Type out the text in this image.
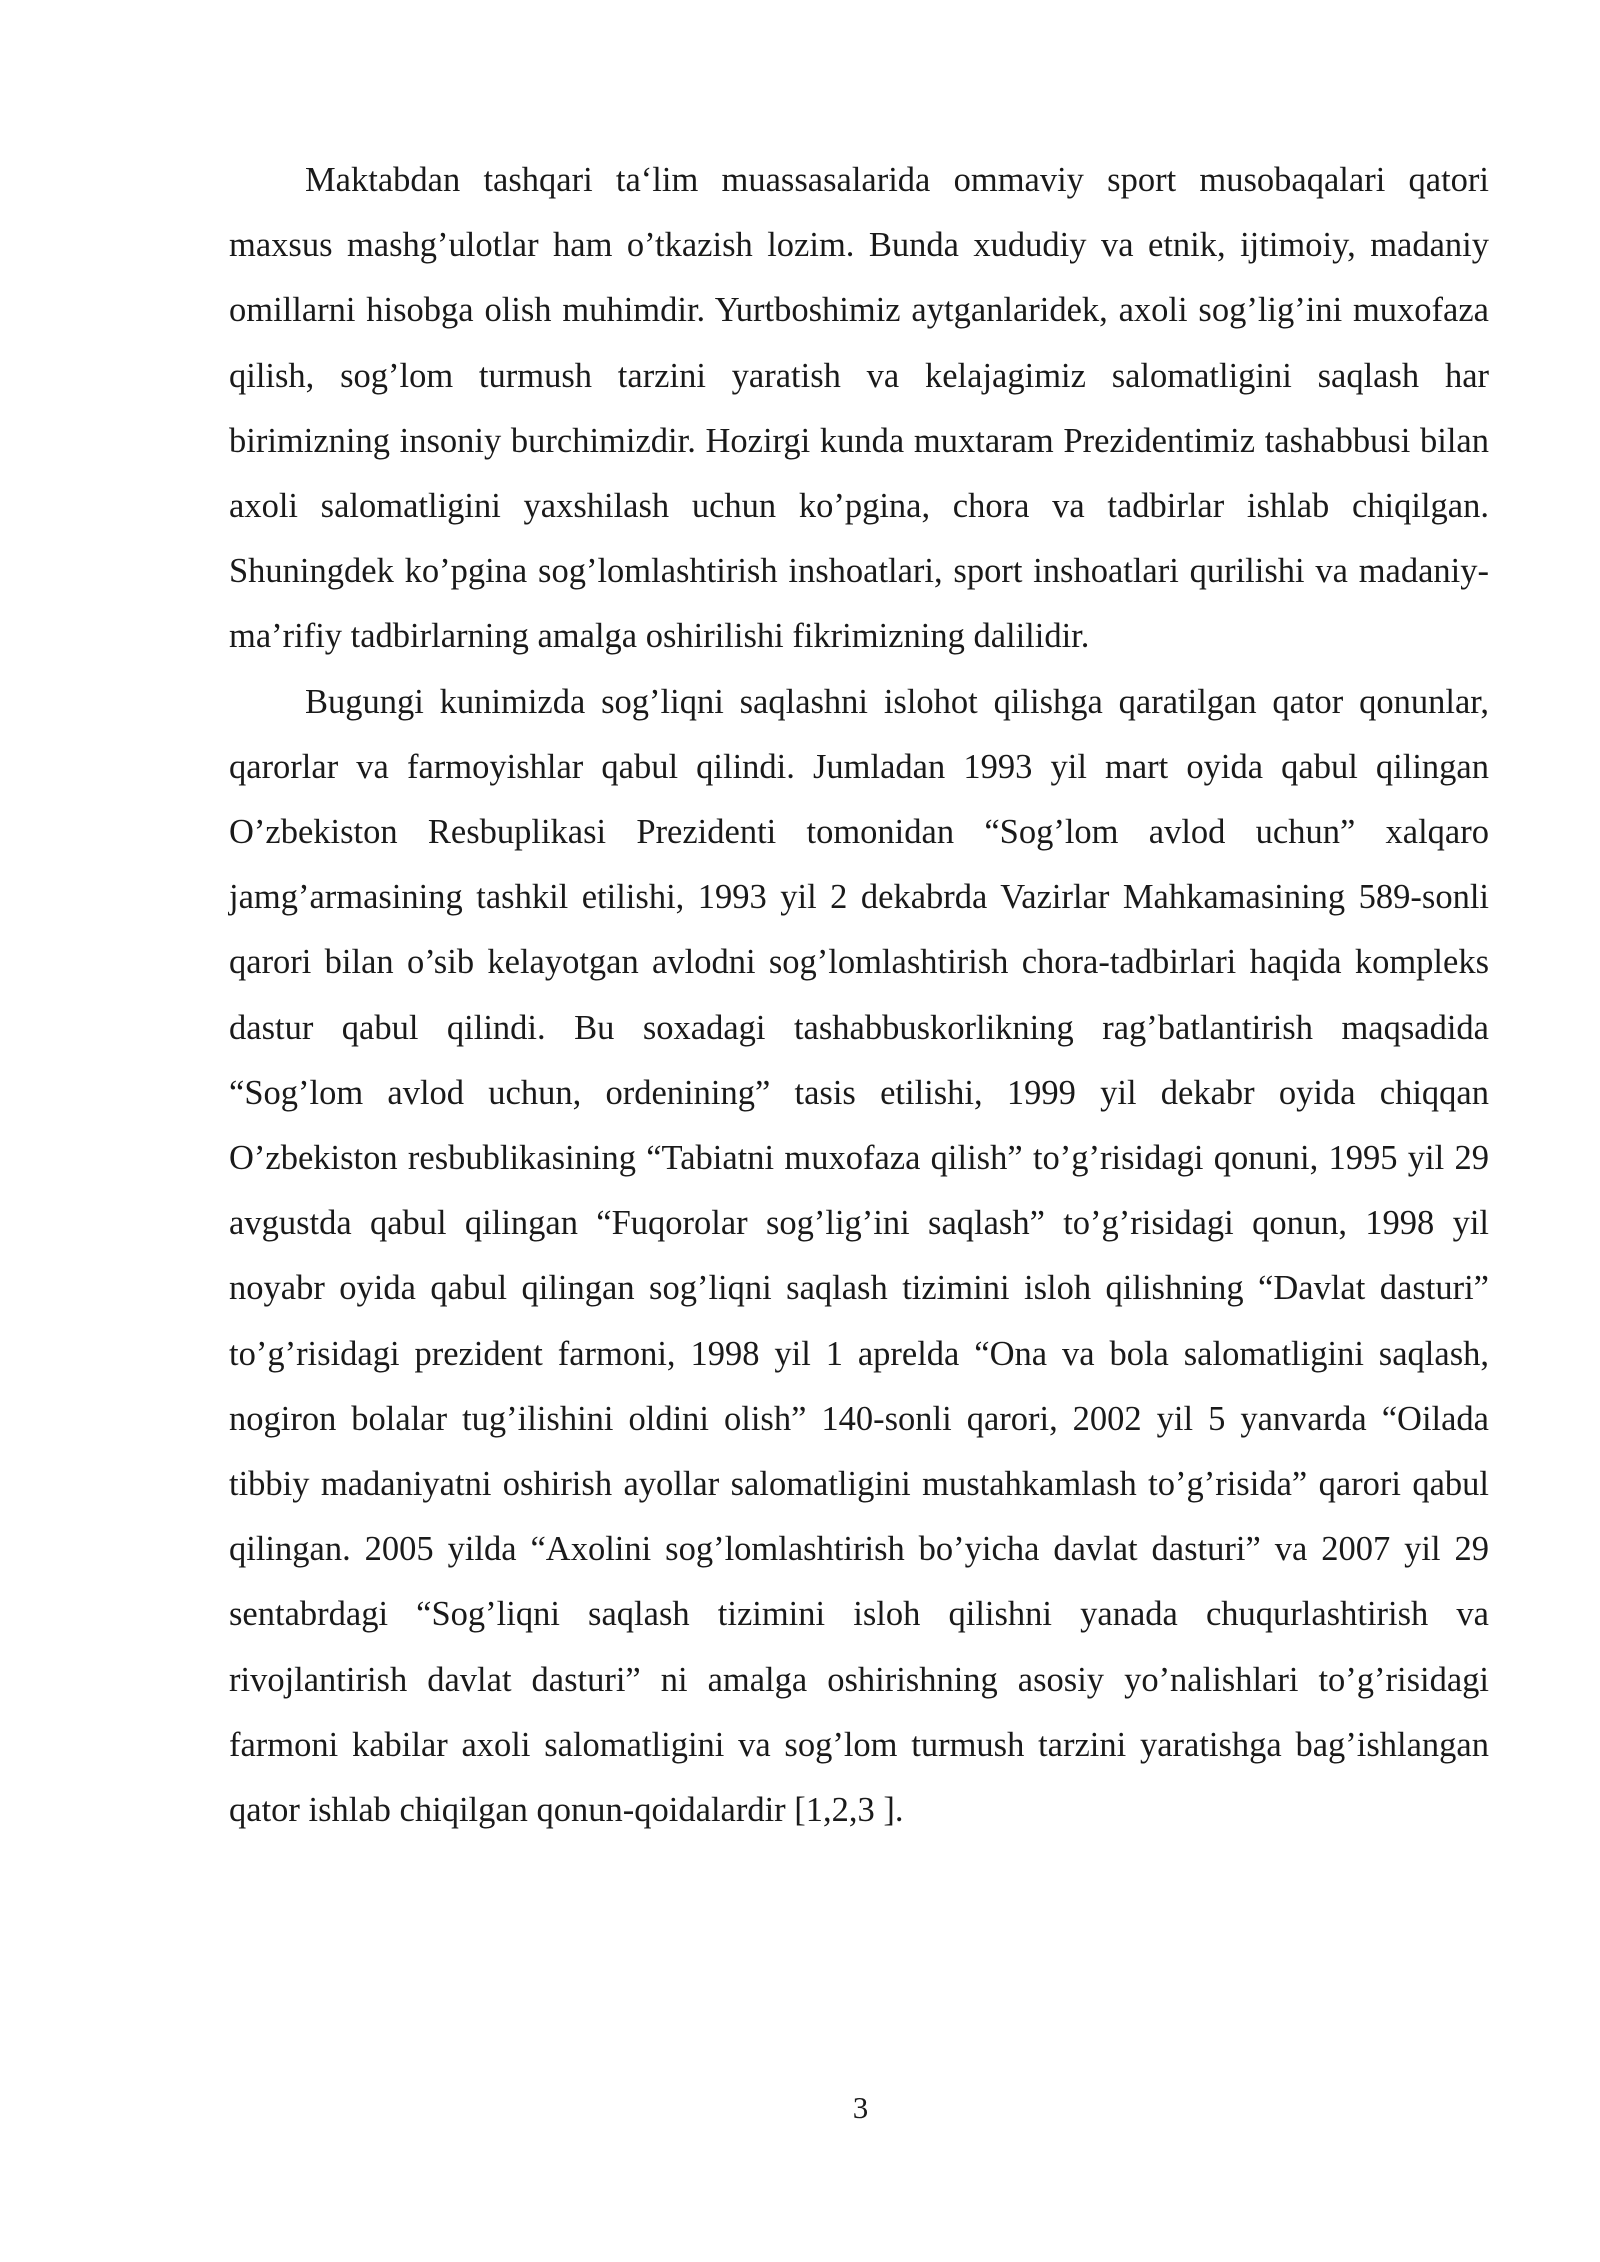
Maktabdan tashqari ta‘lim muassasalarida ommaviy sport musobaqalari qatori maxsus mashg’ulotlar ham o’tkazish lozim. Bunda xududiy va etnik, ijtimoiy, madaniy omillarni hisobga olish muhimdir. Yurtboshimiz aytganlaridek, axoli sog’lig’ini muxofaza qilish, sog’lom turmush tarzini yaratish va kelajagimiz salomatligini saqlash har birimizning insoniy burchimizdir. Hozirgi kunda muxtaram Prezidentimiz tashabbusi bilan axoli salomatligini yaxshilash uchun ko’pgina, chora va tadbirlar ishlab chiqilgan. Shuningdek ko’pgina sog’lomlashtirish inshoatlari, sport inshoatlari qurilishi va madaniy-ma’rifiy tadbirlarning amalga oshirilishi fikrimizning dalilidir.

Bugungi kunimizda sog’liqni saqlashni islohot qilishga qaratilgan qator qonunlar, qarorlar va farmoyishlar qabul qilindi. Jumladan 1993 yil mart oyida qabul qilingan O’zbekiston Resbuplikasi Prezidenti tomonidan “Sog’lom avlod uchun” xalqaro jamg’armasining tashkil etilishi, 1993 yil 2 dekabrda Vazirlar Mahkamasining 589-sonli qarori bilan o’sib kelayotgan avlodni sog’lomlashtirish chora-tadbirlari haqida kompleks dastur qabul qilindi. Bu soxadagi tashabbuskorlikning rag’batlantirish maqsadida “Sog’lom avlod uchun, ordenining” tasis etilishi, 1999 yil dekabr oyida chiqqan O’zbekiston resbublikasining “Tabiatni muxofaza qilish” to’g’risidagi qonuni, 1995 yil 29 avgustda qabul qilingan “Fuqorolar sog’lig’ini saqlash” to’g’risidagi qonun, 1998 yil noyabr oyida qabul qilingan sog’liqni saqlash tizimini isloh qilishning “Davlat dasturi” to’g’risidagi prezident farmoni, 1998 yil 1 aprelda “Ona va bola salomatligini saqlash, nogiron bolalar tug’ilishini oldini olish” 140-sonli qarori, 2002 yil 5 yanvarda “Oilada tibbiy madaniyatni oshirish ayollar salomatligini mustahkamlash to’g’risida” qarori qabul qilingan. 2005 yilda “Axolini sog’lomlashtirish bo’yicha davlat dasturi” va 2007 yil 29 sentabrdagi “Sog’liqni saqlash tizimini isloh qilishni yanada chuqurlashtirish va rivojlantirish davlat dasturi” ni amalga oshirishning asosiy yo’nalishlari to’g’risidagi farmoni kabilar axoli salomatligini va sog’lom turmush tarzini yaratishga bag’ishlangan qator ishlab chiqilgan qonun-qoidalardir [1,2,3 ].

3
